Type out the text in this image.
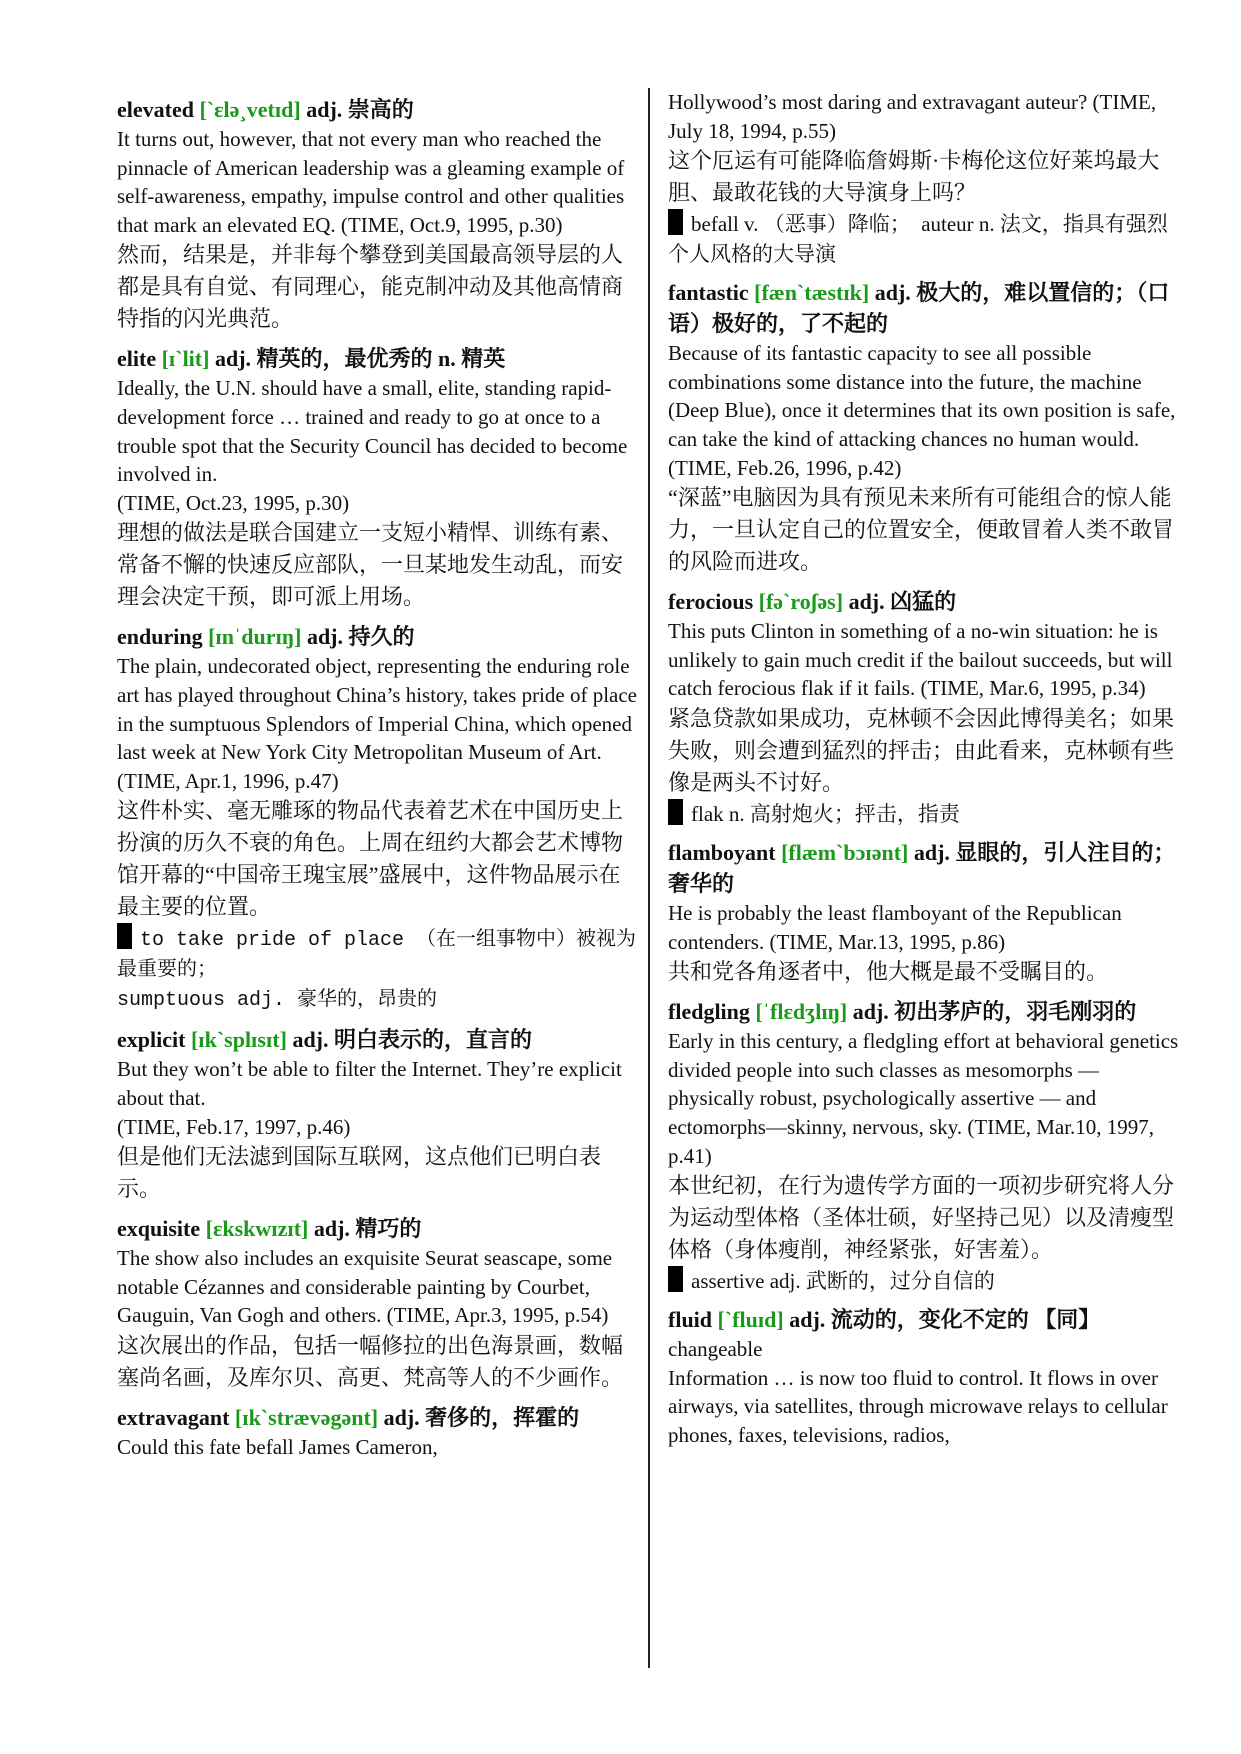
elevated [`ɛlə¸vetɪd] adj. 崇高的
It turns out, however, that not every man who reached the pinnacle of American leadership was a gleaming example of self-awareness, empathy, impulse control and other qualities that mark an elevated EQ. (TIME, Oct.9, 1995, p.30)
然而，结果是，并非每个攀登到美国最高领导层的人都是具有自觉、有同理心，能克制冲动及其他高情商特指的闪光典范。
elite [ɪˋlit] adj. 精英的，最优秀的 n. 精英
Ideally, the U.N. should have a small, elite, standing rapid-development force … trained and ready to go at once to a trouble spot that the Security Council has decided to become involved in.
(TIME, Oct.23, 1995, p.30)
理想的做法是联合国建立一支短小精悍、训练有素、常备不懈的快速反应部队，一旦某地发生动乱，而安理会决定干预，即可派上用场。
enduring [ɪnˈdurɪŋ] adj. 持久的
The plain, undecorated object, representing the enduring role art has played throughout China’s history, takes pride of place in the sumptuous Splendors of Imperial China, which opened last week at New York City Metropolitan Museum of Art. (TIME, Apr.1, 1996, p.47)
这件朴实、毫无雕琢的物品代表着艺术在中国历史上扮演的历久不衰的角色。上周在纽约大都会艺术博物馆开幕的“中国帝王瑰宝展”盛展中，这件物品展示在最主要的位置。
to take pride of place （在一组事物中）被视为最重要的；
sumptuous adj. 豪华的，昂贵的
explicit [ɪkˋsplɪsɪt] adj. 明白表示的，直言的
But they won’t be able to filter the Internet. They’re explicit about that.
(TIME, Feb.17, 1997, p.46)
但是他们无法滤到国际互联网，这点他们已明白表示。
exquisite [ɛkskwɪzɪt] adj. 精巧的
The show also includes an exquisite Seurat seascape, some notable Cézannes and considerable painting by Courbet, Gauguin, Van Gogh and others. (TIME, Apr.3, 1995, p.54)
这次展出的作品，包括一幅修拉的出色海景画，数幅塞尚名画，及库尔贝、高更、梵高等人的不少画作。
extravagant [ɪkˋstrævəgənt] adj. 奢侈的，挥霍的
Could this fate befall James Cameron,
Hollywood’s most daring and extravagant auteur? (TIME, July 18, 1994, p.55)
这个厄运有可能降临詹姆斯·卡梅伦这位好莱坞最大胆、最敢花钱的大导演身上吗？
befall v. （恶事）降临；　auteur n. 法文，指具有强烈个人风格的大导演
fantastic [fænˋtæstɪk] adj. 极大的，难以置信的；（口语）极好的，了不起的
Because of its fantastic capacity to see all possible combinations some distance into the future, the machine (Deep Blue), once it determines that its own position is safe, can take the kind of attacking chances no human would. (TIME, Feb.26, 1996, p.42)
“深蓝”电脑因为具有预见未来所有可能组合的惊人能力，一旦认定自己的位置安全，便敢冒着人类不敢冒的风险而进攻。
ferocious [fəˋroʃəs] adj. 凶猛的
This puts Clinton in something of a no-win situation: he is unlikely to gain much credit if the bailout succeeds, but will catch ferocious flak if it fails. (TIME, Mar.6, 1995, p.34)
紧急贷款如果成功，克林顿不会因此博得美名；如果失败，则会遭到猛烈的抨击；由此看来，克林顿有些像是两头不讨好。
flak n. 高射炮火；抨击，指责
flamboyant [flæmˋbɔɪənt] adj. 显眼的，引人注目的；奢华的
He is probably the least flamboyant of the Republican contenders. (TIME, Mar.13, 1995, p.86)
共和党各角逐者中，他大概是最不受瞩目的。
fledgling [ˈflɛdʒlɪŋ] adj. 初出茅庐的，羽毛刚羽的
Early in this century, a fledgling effort at behavioral genetics divided people into such classes as mesomorphs — physically robust, psychologically assertive — and ectomorphs—skinny, nervous, sky. (TIME, Mar.10, 1997, p.41)
本世纪初，在行为遗传学方面的一项初步研究将人分为运动型体格（圣体壮硕，好坚持己见）以及清瘦型体格（身体瘦削，神经紧张，好害羞）。
assertive adj. 武断的，过分自信的
fluid [ˋfluɪd] adj. 流动的，变化不定的 【同】
changeable
Information … is now too fluid to control. It flows in over airways, via satellites, through microwave relays to cellular phones, faxes, televisions, radios,
